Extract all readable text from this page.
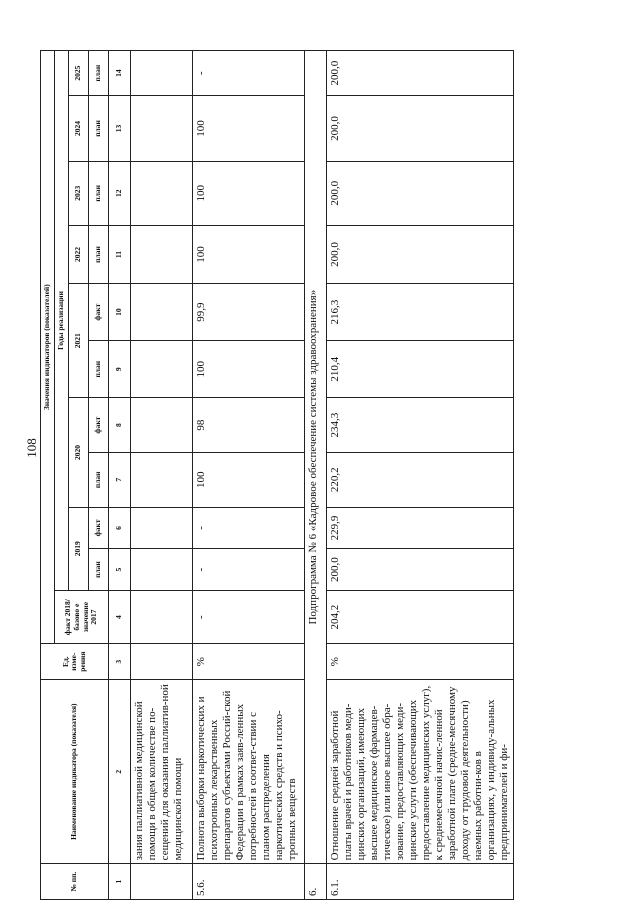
108
№ пп.	Наименование индикатора (показателя)	Ед. изме-рения	Значения индикаторов (показателей)										
			факт 2018/базово е значение 2017	Годы реализации									
				2019		2020		2021		2022	2023	2024	2025
				план	факт	план	факт	план	факт	план	план	план	план
1	2	3	4	5	6	7	8	9	10	11	12	13	14
	зания паллиативной медицинской помощи в общем количестве по-сещений для оказания паллиатив-ной медицинской помощи												
5.6.	Полнота выборки наркотических и психотропных лекарственных препаратов субъектами Россий-ской Федерации в рамках заяв-ленных потребностей в соответ-ствии с планом распределения наркотических средств и психо-тропных веществ	%	-	-	-	100	98	100	99,9	100	100	100	-
6.	Подпрограмма № 6 «Кадровое обеспечение системы здравоохранения»												
6.1.	Отношение средней заработной платы врачей и работников меди-цинских организаций, имеющих высшее медицинское (фармацев-тическое) или иное высшее обра-зование, предоставляющих меди-цинские услуги (обеспечивающих предоставление медицинских услуг), к среднемесячной начис-ленной заработной плате (средне-месячному доходу от трудовой деятельности) наемных работни-ков в организациях, у индивиду-альных предпринимателей и фи-	%	204,2	200,0	229,9	220,2	234,3	210,4	216,3	200,0	200,0	200,0	200,0
